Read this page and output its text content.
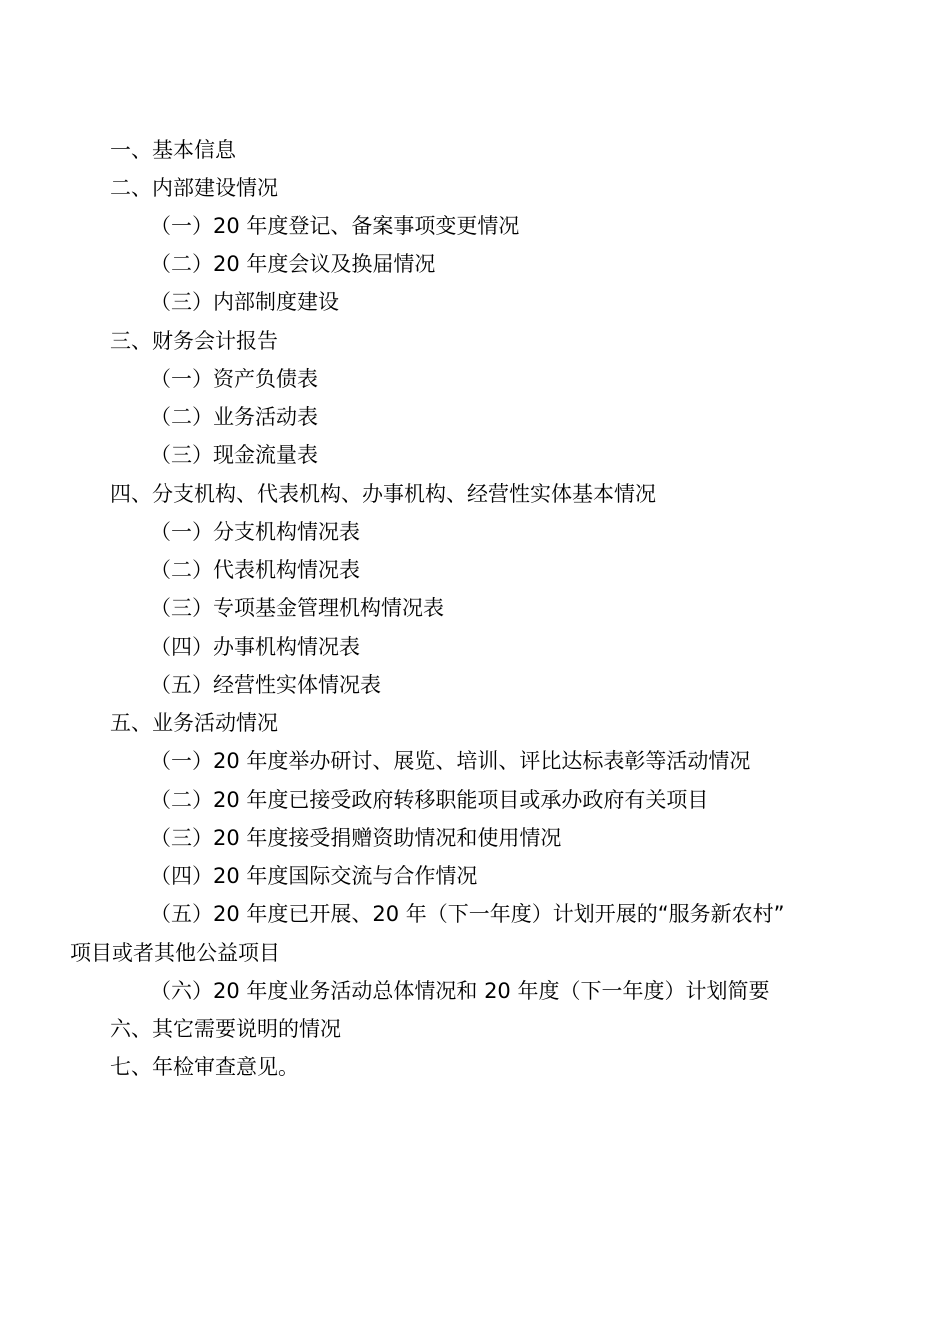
一、基本信息
二、内部建设情况
（一）20 年度登记、备案事项变更情况
（二）20 年度会议及换届情况
（三）内部制度建设
三、财务会计报告
（一）资产负债表
（二）业务活动表
（三）现金流量表
四、分支机构、代表机构、办事机构、经营性实体基本情况
（一）分支机构情况表
（二）代表机构情况表
（三）专项基金管理机构情况表
（四）办事机构情况表
（五）经营性实体情况表
五、业务活动情况
（一）20 年度举办研讨、展览、培训、评比达标表彰等活动情况
（二）20 年度已接受政府转移职能项目或承办政府有关项目
（三）20 年度接受捐赠资助情况和使用情况
（四）20 年度国际交流与合作情况
（五）20 年度已开展、20 年（下一年度）计划开展的“服务新农村”
项目或者其他公益项目
（六）20 年度业务活动总体情况和 20 年度（下一年度）计划简要
六、其它需要说明的情况
七、年检审查意见。
